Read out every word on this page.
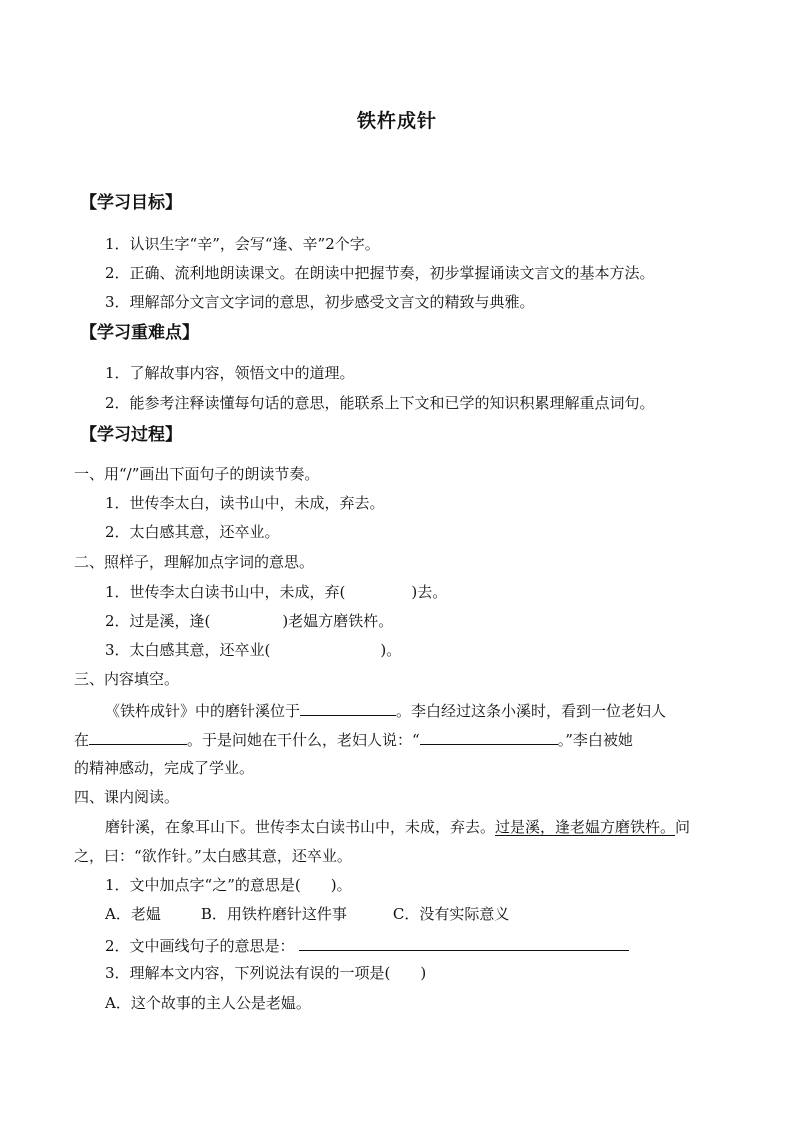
铁杵成针
【学习目标】
1．认识生字“辛”，会写“逢、辛”2个字。
2．正确、流利地朗读课文。在朗读中把握节奏，初步掌握诵读文言文的基本方法。
3．理解部分文言文字词的意思，初步感受文言文的精致与典雅。
【学习重难点】
1．了解故事内容，领悟文中的道理。
2．能参考注释读懂每句话的意思，能联系上下文和已学的知识积累理解重点词句。
【学习过程】
一、用“/”画出下面句子的朗读节奏。
1．世传李太白，读书山中，未成，弃去。
2．太白感其意，还卒业。
二、照样子，理解加点字词的意思。
1．世传李太白读书山中，未成，弃(	)去。
2．过是溪，逢(	)老媪方磨铁杵。
3．太白感其意，还卒业(	)。
三、内容填空。
《铁杵成针》中的磨针溪位于	。李白经过这条小溪时，看到一位老妇人
在	。于是问她在干什么，老妇人说：“	。”李白被她
的精神感动，完成了学业。
四、课内阅读。
磨针溪，在象耳山下。世传李太白读书山中，未成，弃去。过是溪，逢老媪方磨铁杵。问
之，曰：“欲作针。”太白感其意，还卒业。
1．文中加点字“之”的意思是(　　)。
A．老媪	B．用铁杵磨针这件事	C．没有实际意义
2．文中画线句子的意思是：
3．理解本文内容，下列说法有误的一项是(　　)
A．这个故事的主人公是老媪。
